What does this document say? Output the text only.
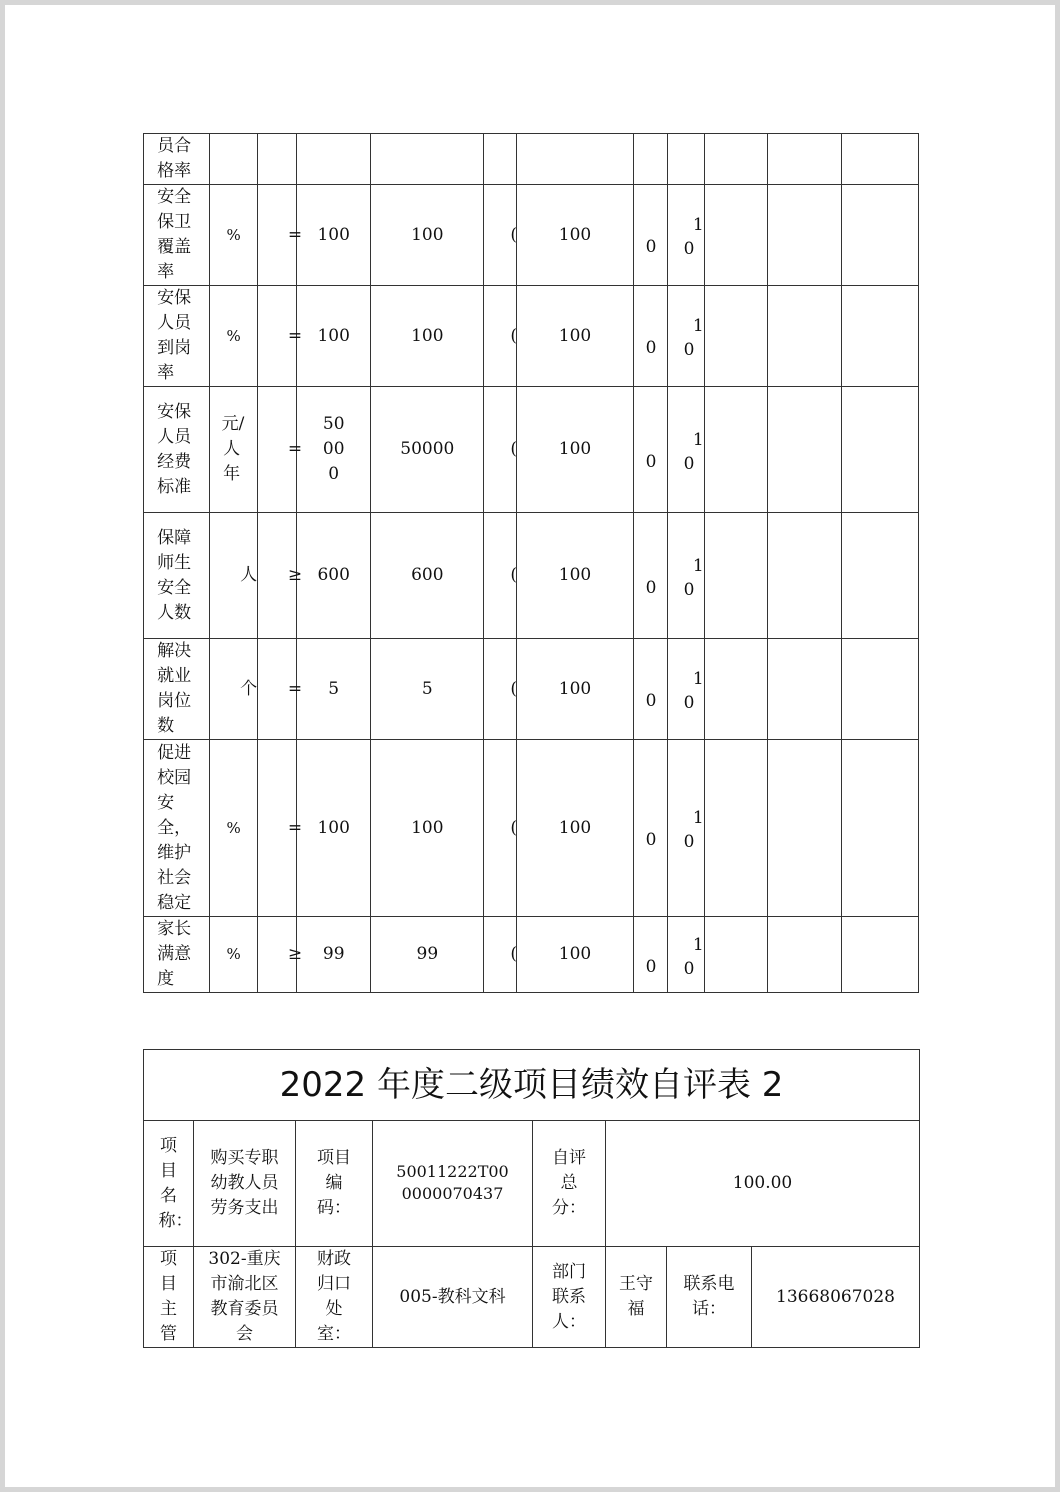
员合格率											
安全保卫覆盖率	%	=	100	100	(	100	0	1
0			

安保人员到岗率	%	=	100	100	(	100	0	1
0			

安保人员经费标准	元/人年	=	50000	50000	(	100	0	1
0			

保障师生安全人数	人	≥	600	600	(	100	0	1
0			

解决就业岗位数	个	=	5	5	(	100	0	1
0			

促进校园安全，维护社会稳定	%	=	100	100	(	100	0	1
0			

家长满意度	%	≥	99	99	(	100	0	1
0			

2022 年度二级项目绩效自评表 2							
项目名称：	购买专职幼教人员劳务支出	项目编码：	50011222T000000070437	自评总分：	100.00		
项目主管	302-重庆市渝北区教育委员会	财政归口处室：	005-教科文科	部门联系人：	王守福	联系电话：	13668067028
